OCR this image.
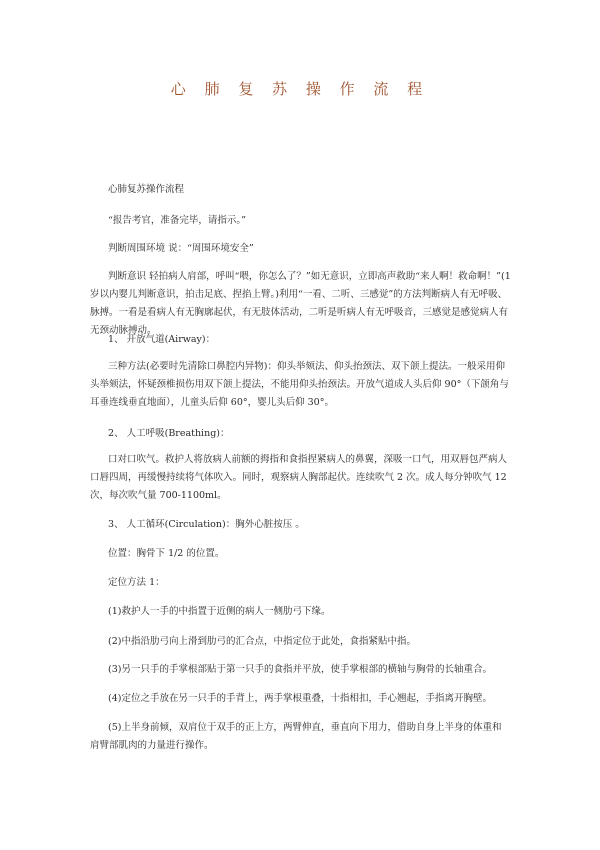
心 肺 复 苏 操 作 流 程

心肺复苏操作流程

“报告考官，准备完毕，请指示。”

判断周围环境 说：“周围环境安全”

判断意识 轻拍病人肩部，呼叫“喂，你怎么了？”如无意识，立即高声救助“来人啊！救命啊！”(1 岁以内婴儿判断意识，拍击足底、捏掐上臂。)利用“一看、二听、三感觉”的方法判断病人有无呼吸、脉搏。一看是看病人有无胸廓起伏，有无肢体活动，二听是听病人有无呼吸音，三感觉是感觉病人有无颈动脉搏动。

1、 开放气道(Airway)：

三种方法(必要时先清除口鼻腔内异物)：仰头举颏法、仰头抬颈法、双下颌上提法。一般采用仰头举颏法，怀疑颈椎损伤用双下颌上提法，不能用仰头抬颈法。开放气道成人头后仰 90°（下颌角与耳垂连线垂直地面），儿童头后仰 60°，婴儿头后仰 30°。

2、 人工呼吸(Breathing)：

口对口吹气。救护人将放病人前额的拇指和食指捏紧病人的鼻翼，深吸一口气，用双唇包严病人口唇四周，再缓慢持续将气体吹入。同时，观察病人胸部起伏。连续吹气 2 次。成人每分钟吹气 12 次，每次吹气量 700-1100ml。

3、 人工循环(Circulation)：胸外心脏按压 。

位置：胸骨下 1/2 的位置。

定位方法 1：

(1)救护人一手的中指置于近侧的病人一侧肋弓下缘。

(2)中指沿肋弓向上滑到肋弓的汇合点，中指定位于此处，食指紧贴中指。

(3)另一只手的手掌根部贴于第一只手的食指并平放，使手掌根部的横轴与胸骨的长轴重合。

(4)定位之手放在另一只手的手背上，两手掌根重叠，十指相扣，手心翘起，手指离开胸壁。

(5)上半身前倾，双肩位于双手的正上方，两臂伸直，垂直向下用力，借助自身上半身的体重和肩臂部肌肉的力量进行操作。
